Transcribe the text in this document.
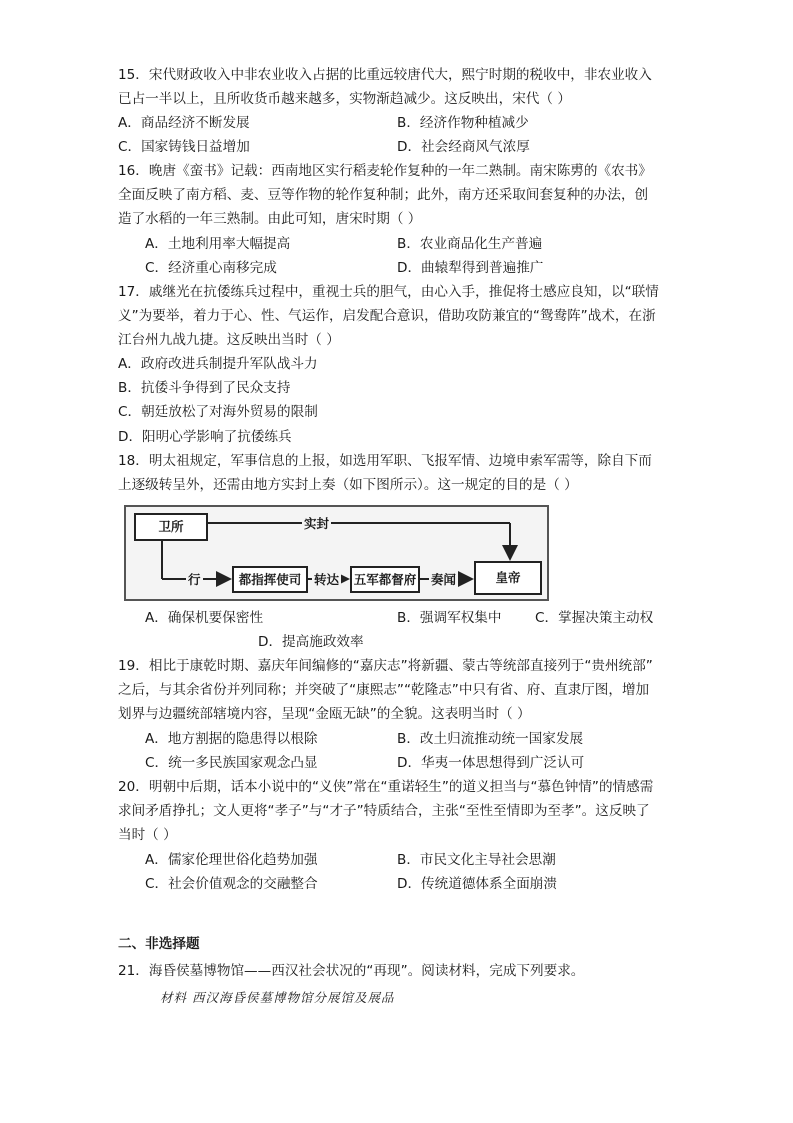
15．宋代财政收入中非农业收入占据的比重远较唐代大，熙宁时期的税收中，非农业收入
已占一半以上，且所收货币越来越多，实物渐趋减少。这反映出，宋代（ ）
A．商品经济不断发展	B．经济作物种植减少
C．国家铸钱日益增加	D．社会经商风气浓厚
16．晚唐《蛮书》记载：西南地区实行稻麦轮作复种的一年二熟制。南宋陈旉的《农书》
全面反映了南方稻、麦、豆等作物的轮作复种制；此外，南方还采取间套复种的办法，创
造了水稻的一年三熟制。由此可知，唐宋时期（ ）
A．土地利用率大幅提高	B．农业商品化生产普遍
C．经济重心南移完成	D．曲辕犁得到普遍推广
17．戚继光在抗倭练兵过程中，重视士兵的胆气，由心入手，推促将士感应良知，以“联情
义”为要举，着力于心、性、气运作，启发配合意识，借助攻防兼宜的“鸳鸯阵”战术，在浙
江台州九战九捷。这反映出当时（ ）
A．政府改进兵制提升军队战斗力
B．抗倭斗争得到了民众支持
C．朝廷放松了对海外贸易的限制
D．阳明心学影响了抗倭练兵
18．明太祖规定，军事信息的上报，如选用军职、飞报军情、边境申索军需等，除自下而
上逐级转呈外，还需由地方实封上奏（如下图所示）。这一规定的目的是（ ）
卫所
都指挥使司	五军都督府	皇帝
实封
行	转达	奏闻
A．确保机要保密性	B．强调军权集中 C．掌握决策主动权
D．提高施政效率
19．相比于康乾时期、嘉庆年间编修的“嘉庆志”将新疆、蒙古等统部直接列于“贵州统部”
之后，与其余省份并列同称；并突破了“康熙志”“乾隆志”中只有省、府、直隶厅图，增加
划界与边疆统部辖境内容，呈现“金瓯无缺”的全貌。这表明当时（ ）
A．地方割据的隐患得以根除	B．改土归流推动统一国家发展
C．统一多民族国家观念凸显	D．华夷一体思想得到广泛认可
20．明朝中后期，话本小说中的“义侠”常在“重诺轻生”的道义担当与“慕色钟情”的情感需
求间矛盾挣扎；文人更将“孝子”与“才子”特质结合，主张“至性至情即为至孝”。这反映了
当时（ ）
A．儒家伦理世俗化趋势加强	B．市民文化主导社会思潮
C．社会价值观念的交融整合	D．传统道德体系全面崩溃
二、非选择题
21．海昏侯墓博物馆——西汉社会状况的“再现”。阅读材料，完成下列要求。
材料 西汉海昏侯墓博物馆分展馆及展品
